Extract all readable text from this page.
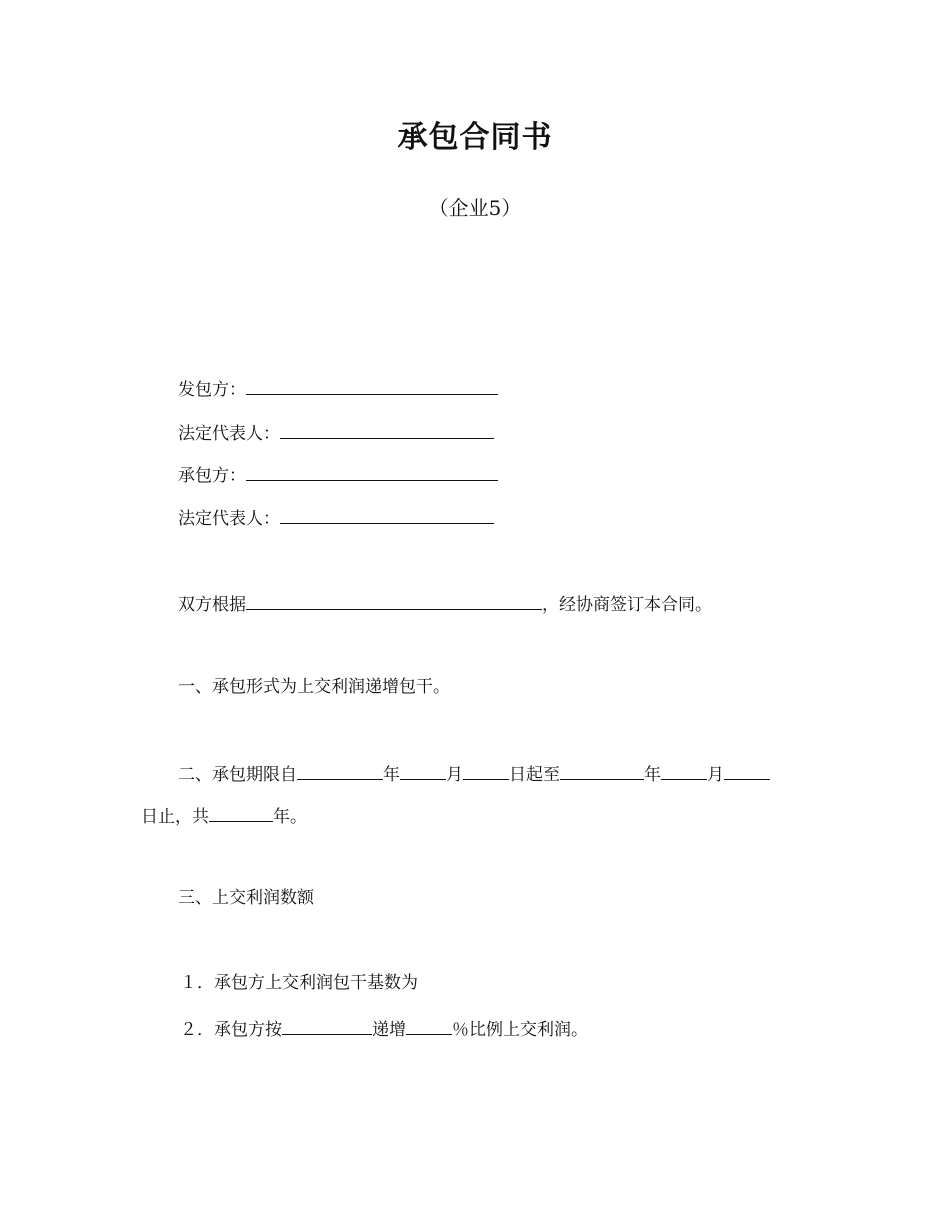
承包合同书
（企业5）
发包方：
法定代表人：
承包方：
法定代表人：
双方根据	，经协商签订本合同。
一、承包形式为上交利润递增包干。
二、承包期限自	年	月	日起至	年	月
日止，共	年。
三、上交利润数额
１．承包方上交利润包干基数为
２．承包方按	递增	％比例上交利润。
